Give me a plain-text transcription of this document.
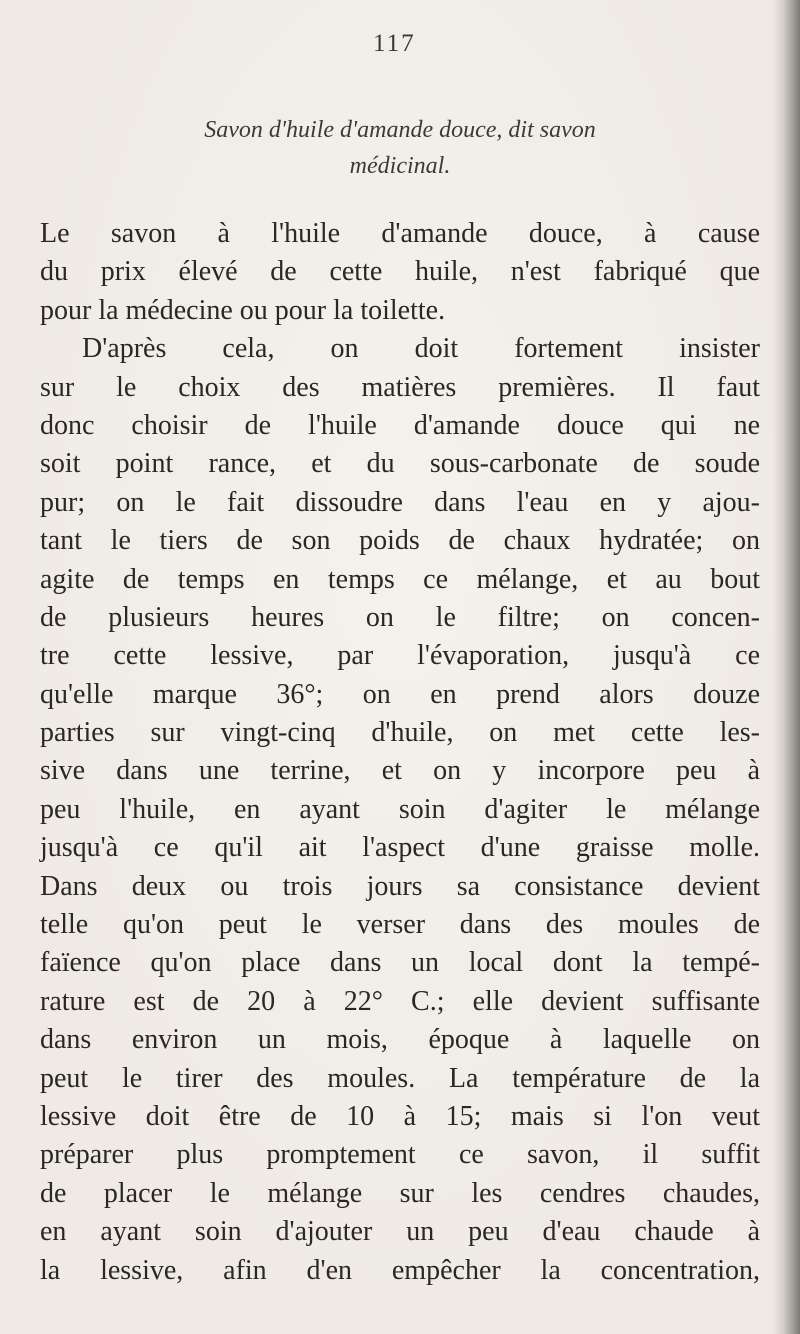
117
Savon d'huile d'amande douce, dit savon
médicinal.
Le savon à l'huile d'amande douce, à cause
du prix élevé de cette huile, n'est fabriqué que
pour la médecine ou pour la toilette.
D'après cela, on doit fortement insister
sur le choix des matières premières. Il faut
donc choisir de l'huile d'amande douce qui ne
soit point rance, et du sous-carbonate de soude
pur; on le fait dissoudre dans l'eau en y ajou-
tant le tiers de son poids de chaux hydratée; on
agite de temps en temps ce mélange, et au bout
de plusieurs heures on le filtre; on concen-
tre cette lessive, par l'évaporation, jusqu'à ce
qu'elle marque 36°; on en prend alors douze
parties sur vingt-cinq d'huile, on met cette les-
sive dans une terrine, et on y incorpore peu à
peu l'huile, en ayant soin d'agiter le mélange
jusqu'à ce qu'il ait l'aspect d'une graisse molle.
Dans deux ou trois jours sa consistance devient
telle qu'on peut le verser dans des moules de
faïence qu'on place dans un local dont la tempé-
rature est de 20 à 22° C.; elle devient suffisante
dans environ un mois, époque à laquelle on
peut le tirer des moules. La température de la
lessive doit être de 10 à 15; mais si l'on veut
préparer plus promptement ce savon, il suffit
de placer le mélange sur les cendres chaudes,
en ayant soin d'ajouter un peu d'eau chaude à
la lessive, afin d'en empêcher la concentration,
